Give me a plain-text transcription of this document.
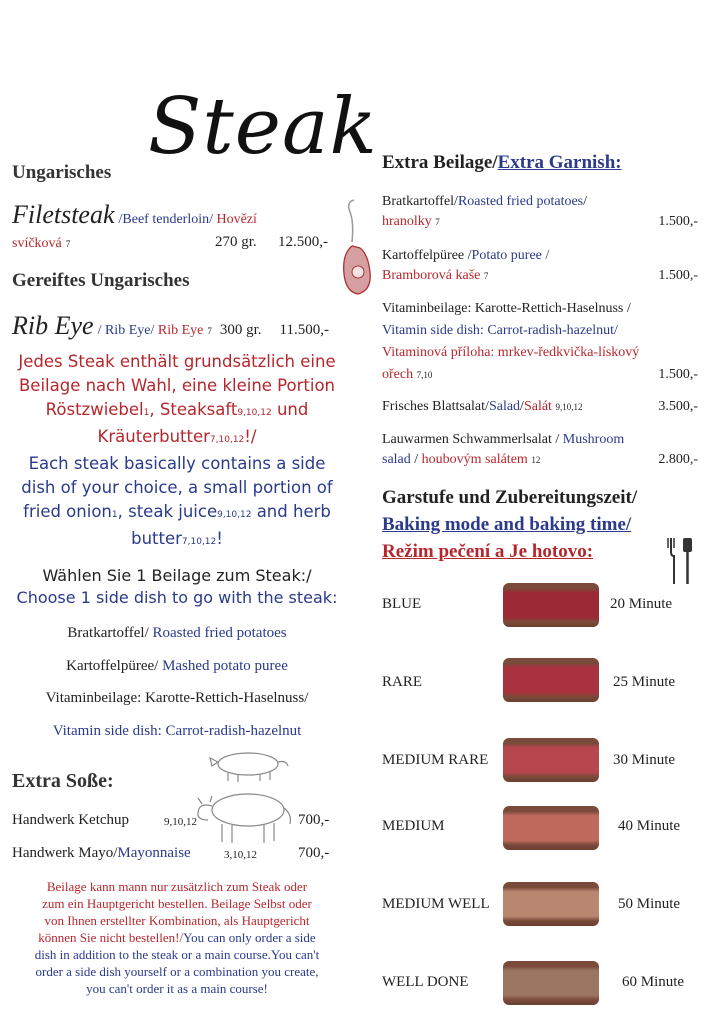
Steak
Ungarisches
Filetsteak /Beef tenderloin/ Hovězí
svíčková 7	270 gr. 12.500,-
Gereiftes Ungarisches
Rib Eye / Rib Eye/ Rib Eye 7 300 gr. 11.500,-
Jedes Steak enthält grundsätzlich eine
Beilage nach Wahl, eine kleine Portion
Röstzwiebel1, Steaksaft9,10,12 und
Kräuterbutter7,10,12!/
Each steak basically contains a side
dish of your choice, a small portion of
fried onion1, steak juice9,10,12 and herb
butter7,10,12!
Wählen Sie 1 Beilage zum Steak:/
Choose 1 side dish to go with the steak:
Bratkartoffel/ Roasted fried potatoes
Kartoffelpüree/ Mashed potato puree
Vitaminbeilage: Karotte-Rettich-Haselnuss/
Vitamin side dish: Carrot-radish-hazelnut
Extra Soße:
Handwerk Ketchup	9,10,12	700,-
Handwerk Mayo/Mayonnaise	3,10,12	700,-
Beilage kann mann nur zusätzlich zum Steak oder
zum ein Hauptgericht bestellen. Beilage Selbst oder
von Ihnen erstellter Kombination, als Hauptgericht
können Sie nicht bestellen!/You can only order a side
dish in addition to the steak or a main course.You can't
order a side dish yourself or a combination you create,
you can't order it as a main course!
Extra Beilage/Extra Garnish:
Bratkartoffel/Roasted fried potatoes/
hranolky 7	1.500,-
Kartoffelpüree /Potato puree /
Bramborová kaše 7	1.500,-
Vitaminbeilage: Karotte-Rettich-Haselnuss /
Vitamin side dish: Carrot-radish-hazelnut/
Vitaminová příloha: mrkev-ředkvička-lískový
ořech 7,10	1.500,-
Frisches Blattsalat/Salad/Salát 9,10,12	3.500,-
Lauwarmen Schwammerlsalat / Mushroom
salad / houbovým salátem 12	2.800,-
Garstufe und Zubereitungszeit/
Baking mode and baking time/
Režim pečení a Je hotovo:
BLUE	20 Minute
RARE	25 Minute
MEDIUM RARE	30 Minute
MEDIUM	40 Minute
MEDIUM WELL	50 Minute
WELL DONE	60 Minute
